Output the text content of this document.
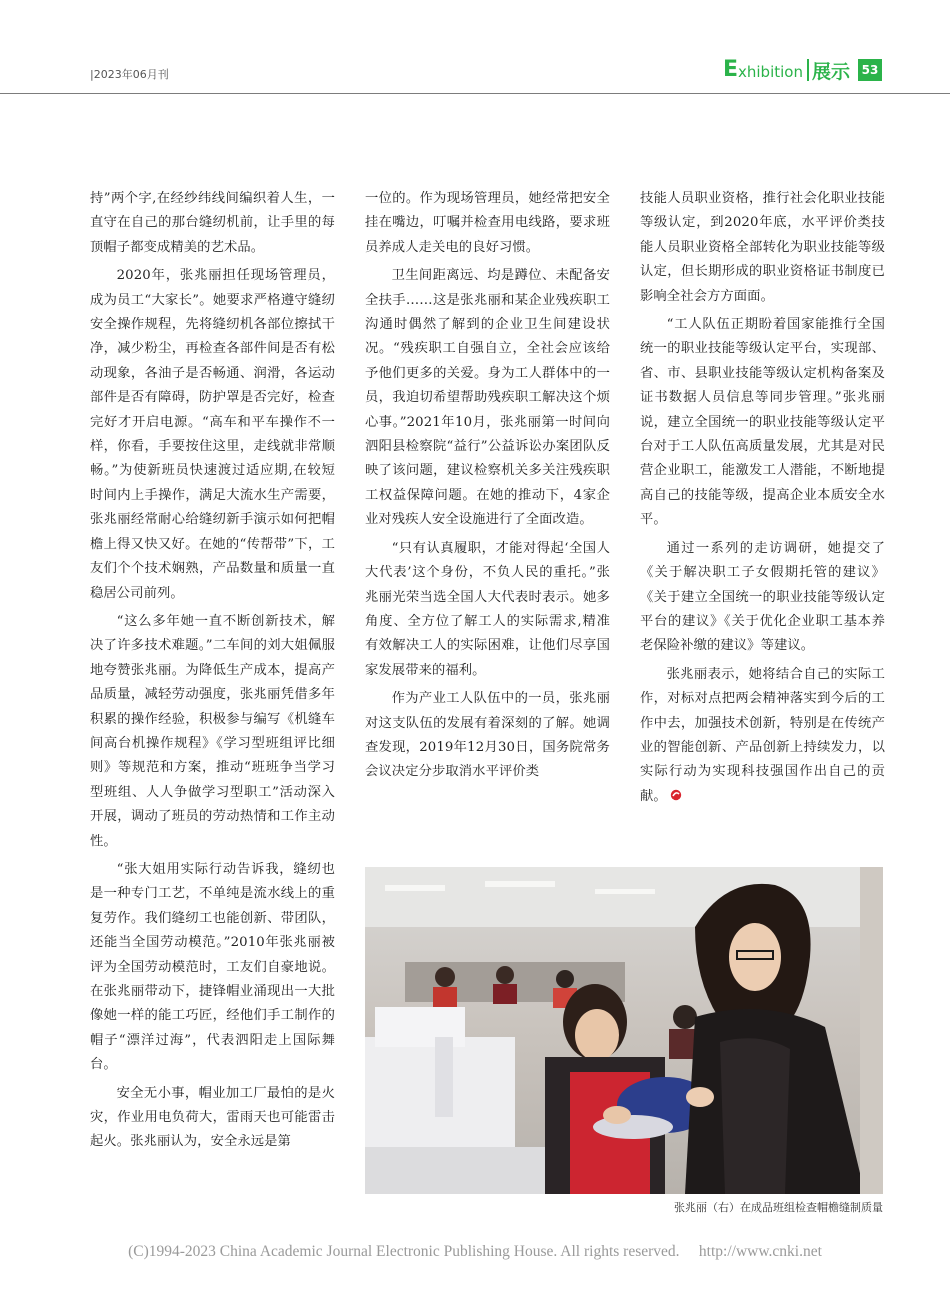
|2023年06月刊	E xhibition 展示 53

持”两个字,在经纱纬线间编织着人生，一直守在自己的那台缝纫机前，让手里的每顶帽子都变成精美的艺术品。

2020年，张兆丽担任现场管理员，成为员工“大家长”。她要求严格遵守缝纫安全操作规程，先将缝纫机各部位擦拭干净，减少粉尘，再检查各部件间是否有松动现象，各油子是否畅通、润滑，各运动部件是否有障碍，防护罩是否完好，检查完好才开启电源。“高车和平车操作不一样，你看，手要按住这里，走线就非常顺畅。”为使新班员快速渡过适应期,在较短时间内上手操作，满足大流水生产需要，张兆丽经常耐心给缝纫新手演示如何把帽檐上得又快又好。在她的“传帮带”下，工友们个个技术娴熟，产品数量和质量一直稳居公司前列。

“这么多年她一直不断创新技术，解决了许多技术难题。”二车间的刘大姐佩服地夸赞张兆丽。为降低生产成本，提高产品质量，减轻劳动强度，张兆丽凭借多年积累的操作经验，积极参与编写《机缝车间高台机操作规程》《学习型班组评比细则》等规范和方案，推动“班班争当学习型班组、人人争做学习型职工”活动深入开展，调动了班员的劳动热情和工作主动性。

“张大姐用实际行动告诉我，缝纫也是一种专门工艺，不单纯是流水线上的重复劳作。我们缝纫工也能创新、带团队，还能当全国劳动模范。”2010年张兆丽被评为全国劳动模范时，工友们自豪地说。在张兆丽带动下，捷锋帽业涌现出一大批像她一样的能工巧匠，经他们手工制作的帽子“漂洋过海”，代表泗阳走上国际舞台。

安全无小事，帽业加工厂最怕的是火灾，作业用电负荷大，雷雨天也可能雷击起火。张兆丽认为，安全永远是第

一位的。作为现场管理员，她经常把安全挂在嘴边，叮嘱并检查用电线路，要求班员养成人走关电的良好习惯。

卫生间距离远、均是蹲位、未配备安全扶手……这是张兆丽和某企业残疾职工沟通时偶然了解到的企业卫生间建设状况。“残疾职工自强自立，全社会应该给予他们更多的关爱。身为工人群体中的一员，我迫切希望帮助残疾职工解决这个烦心事。”2021年10月，张兆丽第一时间向泗阳县检察院“益行”公益诉讼办案团队反映了该问题，建议检察机关多关注残疾职工权益保障问题。在她的推动下，4家企业对残疾人安全设施进行了全面改造。

“只有认真履职，才能对得起‘全国人大代表’这个身份，不负人民的重托。”张兆丽光荣当选全国人大代表时表示。她多角度、全方位了解工人的实际需求,精准有效解决工人的实际困难，让他们尽享国家发展带来的福利。

作为产业工人队伍中的一员，张兆丽对这支队伍的发展有着深刻的了解。她调查发现，2019年12月30日，国务院常务会议决定分步取消水平评价类

技能人员职业资格，推行社会化职业技能等级认定，到2020年底，水平评价类技能人员职业资格全部转化为职业技能等级认定，但长期形成的职业资格证书制度已影响全社会方方面面。

“工人队伍正期盼着国家能推行全国统一的职业技能等级认定平台，实现部、省、市、县职业技能等级认定机构备案及证书数据人员信息等同步管理。”张兆丽说，建立全国统一的职业技能等级认定平台对于工人队伍高质量发展，尤其是对民营企业职工，能激发工人潜能，不断地提高自己的技能等级，提高企业本质安全水平。

通过一系列的走访调研，她提交了《关于解决职工子女假期托管的建议》《关于建立全国统一的职业技能等级认定平台的建议》《关于优化企业职工基本养老保险补缴的建议》等建议。

张兆丽表示，她将结合自己的实际工作，对标对点把两会精神落实到今后的工作中去，加强技术创新，特别是在传统产业的智能创新、产品创新上持续发力，以实际行动为实现科技强国作出自己的贡献。

张兆丽（右）在成品班组检查帽檐缝制质量
(C)1994-2023 China Academic Journal Electronic Publishing House. All rights reserved. http://www.cnki.net
